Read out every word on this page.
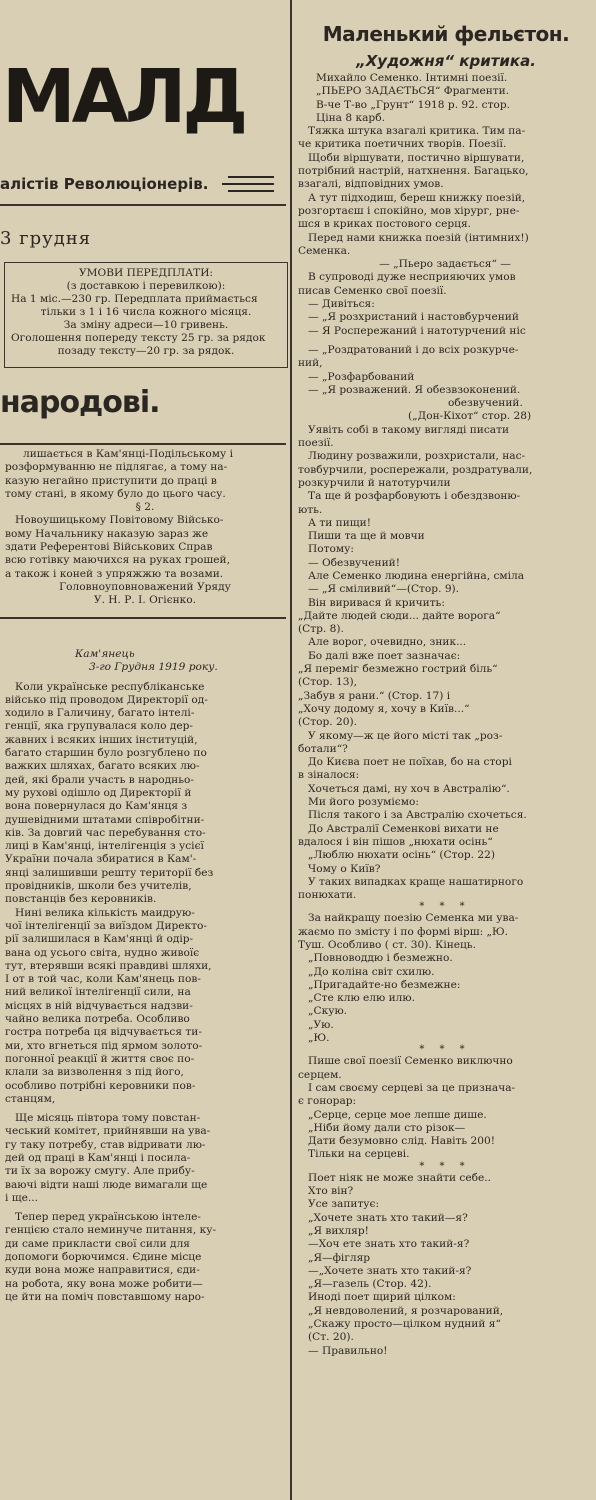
МАЛД
алістів Революціонерів.
3 грудня
УМОВИ ПЕРЕДПЛАТИ:
(з доставкою і перевилкою):
На 1 міс.—230 гр. Передплата приймається
тільки з 1 і 16 числа кожного місяця.
За зміну адреси—10 гривень.
Оголошення попереду тексту 25 гр. за рядок
позаду тексту—20 гр. за рядок.
народові.
лишається в Кам'янці-Подільському і
розформуванню не підлягає, а тому на-
казую негайно приступити до праці в
тому стані, в якому було до цього часу.
§ 2.
Новоушицькому Повітовому Військо-
вому Начальнику наказую зараз же
здати Референтові Військових Справ
всю готівку маючихся на руках грошей,
а також і коней з упряжжю та возами.
Головноуповноважений Уряду
У. Н. Р. І. Огієнко.
Кам'янець
3-го Грудня 1919 року.
Коли українське республіканське
військо під проводом Директорії од-
ходило в Галичину, багато інтелі-
генції, яка групувалася коло дер-
жавних і всяких інших інституцій,
багато старшин було розгублено по
важких шляхах, багато всяких лю-
дей, які брали участь в народньо-
му рухові одішло од Директорії й
вона повернулася до Кам'янця з
душевідними штатами співробітни-
ків. За довгий час перебування сто-
лиці в Кам'янці, інтелігенція з усієї
України почала збиратися в Кам'-
янці залишивши решту території без
провідників, школи без учителів,
повстанців без керовників.
Нині велика кількість маидрую-
чої інтелігенції за виїздом Директо-
рії залишилася в Кам'янці й одір-
вана од усього світа, нудно живоїє
тут, втерявши всякі правдиві шляхи,
І от в той час, коли Кам'янець пов-
ний великої інтелігенції сили, на
місцях в ній відчувається надзви-
чайно велика потреба. Особливо
гостра потреба ця відчувається ти-
ми, хто вгнеться під ярмом золото-
погонної реакції й життя своє по-
клали за визволення з під його,
особливо потрібні керовники пов-
станцям,
Ще місяць півтора тому повстан-
чеський комітет, прийнявши на ува-
гу таку потребу, став відривати лю-
дей од праці в Кам'янці і посила-
ти їх за ворожу смугу. Але прибу-
ваючі відти наші люде вимагали ще
і ще...
Тепер перед українською інтеле-
генцією стало неминуче питання, ку-
ди саме прикласти свої сили для
допомоги борючимся. Єдине місце
куди вона може направитися, єди-
на робота, яку вона може робити—
це йти на поміч повставшому наро-
Маленький фельєтон.
„Художня“ критика.
Михайло Семенко. Інтимні поезії.
„ПЬЕРО ЗАДАЄТЬСЯ“ Фрагменти.
В-че Т-во „Грунт“ 1918 р. 92. стор.
Ціна 8 карб.
Тяжка штука взагалі критика. Тим па-
че критика поетичних творів. Поезії.
Щоби віршувати, постично віршувати,
потрібний настрій, натхнення. Багацько,
взагалі, відповідних умов.
А тут підходиш, береш книжку поезій,
розгортаєш і спокійно, мов хірург, рне-
шся в криках постового серця.
Перед нами книжка поезій (інтимних!)
Семенка.
— „Пьеро задається“ —
В супроводі дуже несприяючих умов
писав Семенко свої поезії.
— Дивіться:
— „Я розхристаний і настовбурчений
— Я Роспережаний і натотурчений ніс
— „Роздратований і до всіх розкурче-
ний,
— „Розфарбований
— „Я розважений. Я обезвзоконений.
обезвучений.
(„Дон-Кіхот“ стор. 28)
Уявіть собі в такому вигляді писати
поезії.
Людину розважили, розхристали, нас-
товбурчили, роспережали, роздратували,
розкурчили й натотурчили
Та ще й розфарбовують і обездзвоню-
ють.
А ти пищи!
Пиши та ще й мовчи
Потому:
— Обезвучений!
Але Семенко людина енергійна, сміла
— „Я сміливий“—(Стор. 9).
Він виривася й кричить:
„Дайте людей сюди... дайте ворога“
(Стр. 8).
Але ворог, очевидно, зник...
Бо далі вже поет зазначає:
„Я переміг безмежно гострий біль“
(Стор. 13),
„Забув я рани.“ (Стор. 17) і
„Хочу додому я, хочу в Київ...“
(Стор. 20).
У якому—ж це його місті так „роз-
ботали“?
До Києва поет не поїхав, бо на сторі
в зіналося:
Хочеться дамі, ну хоч в Австралію“.
Ми його розуміємо:
Після такого і за Австралію схочеться.
До Австралії Семенкові вихати не
вдалося і він пішов „нюхати осінь“
„Люблю нюхати осінь“ (Стор. 22)
Чому о Київ?
У таких випадках краще нашатирного
понюхати.
* * *
За найкращу поезію Семенка ми ува-
жаємо по змісту і по формі вірш: „Ю.
Туш. Особливо ( ст. 30). Кінець.
„Повноводдю і безмежно.
„До коліна світ схилю.
„Пригадайте-но безмежне:
„Сте клю елю илю.
„Скую.
„Ую.
„Ю.
* * *
Пише свої поезії Семенко виключно
серцем.
І сам своєму серцеві за це признача-
є гонорар:
„Серце, серце мое лепше дише.
„Ніби йому дали сто різок—
Дати безумовно слід. Навіть 200!
Тільки на серцеві.
* * *
Поет ніяк не може знайти себе..
Хто він?
Уcе запитує:
„Хочете знать хто такий—я?
„Я вихляр!
—Хоч ете знать хто такий-я?
„Я—фігляр
—„Хочете знать хто такий-я?
„Я—газель (Стор. 42).
Иноді поет щирий цілком:
„Я невдоволений, я розчарований,
„Скажу просто—цілком нудний я“
(Ст. 20).
— Правильно!
